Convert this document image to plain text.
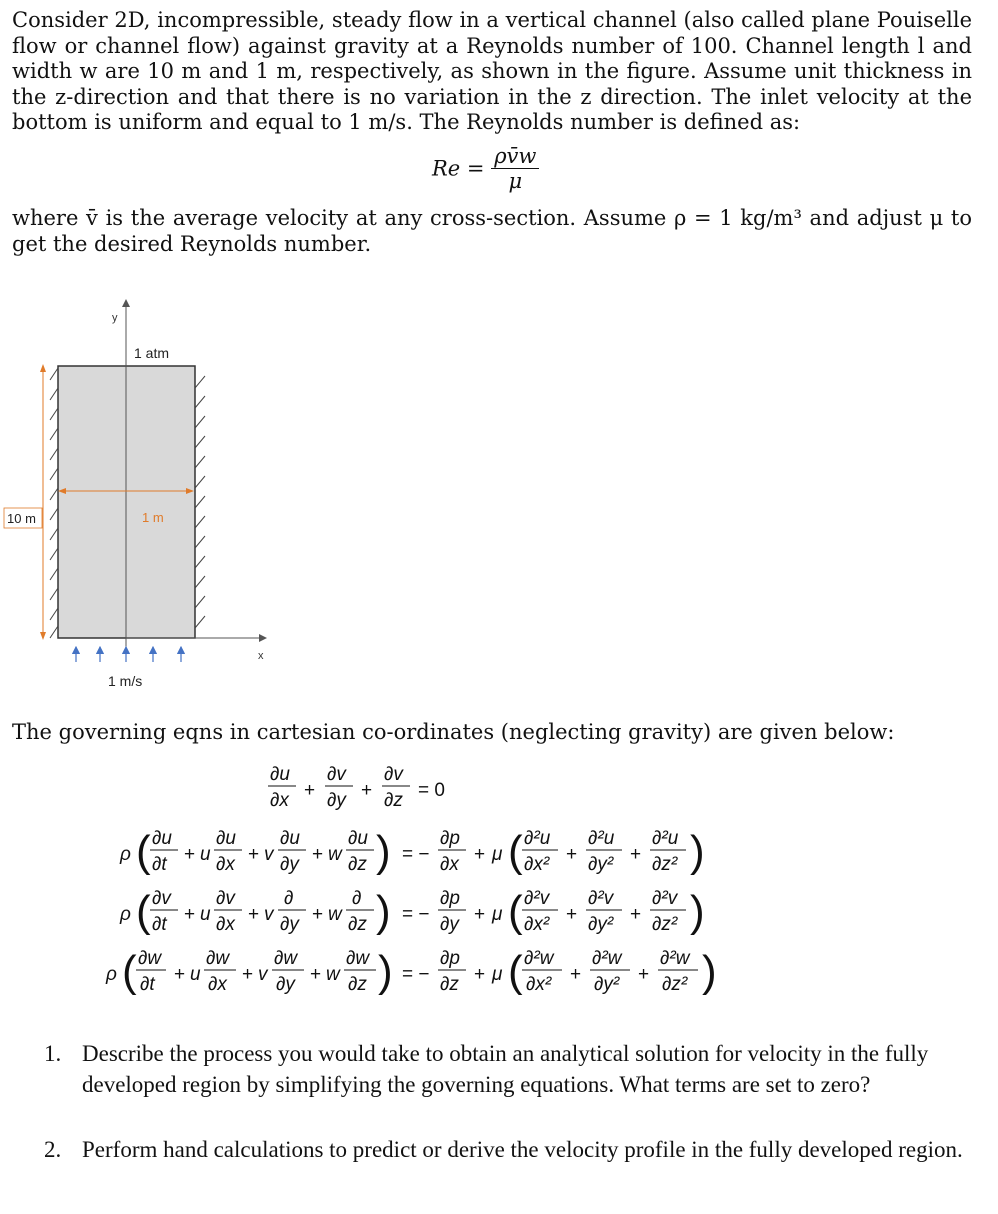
Consider 2D, incompressible, steady flow in a vertical channel (also called plane Pouiselle flow or channel flow) against gravity at a Reynolds number of 100. Channel length l and width w are 10 m and 1 m, respectively, as shown in the figure. Assume unit thickness in the z-direction and that there is no variation in the z direction. The inlet velocity at the bottom is uniform and equal to 1 m/s. The Reynolds number is defined as:
$Re = \frac{\rho v̄w}{\mu}$
where v̄ is the average velocity at any cross-section. Assume ρ = 1 kg/m³ and adjust μ to get the desired Reynolds number.
y
x
1 atm
10 m	1 m
1 m/s
The governing eqns in cartesian co-ordinates (neglecting gravity) are given below:
∂u
∂x +
∂v
∂y +
∂v
∂z = 0
ρ ( ∂u
∂t + u
∂u
∂x + v
∂u
∂y + w
∂u
∂z ) = −
∂p
∂x + μ ( ∂²u
∂x² +
∂²u
∂y² +
∂²u
∂z² )
ρ ( ∂v
∂t + u
∂v
∂x + v
∂
∂y + w
∂
∂z ) = −
∂p
∂y + μ ( ∂²v
∂x² +
∂²v
∂y² +
∂²v
∂z² )
ρ ( ∂w
∂t + u
∂w
∂x + v
∂w
∂y + w
∂w
∂z ) = −
∂p
∂z + μ ( ∂²w
∂x² +
∂²w
∂y² +
∂²w
∂z² )
1. Describe the process you would take to obtain an analytical solution for velocity in the fully developed region by simplifying the governing equations. What terms are set to zero?
2. Perform hand calculations to predict or derive the velocity profile in the fully developed region.
